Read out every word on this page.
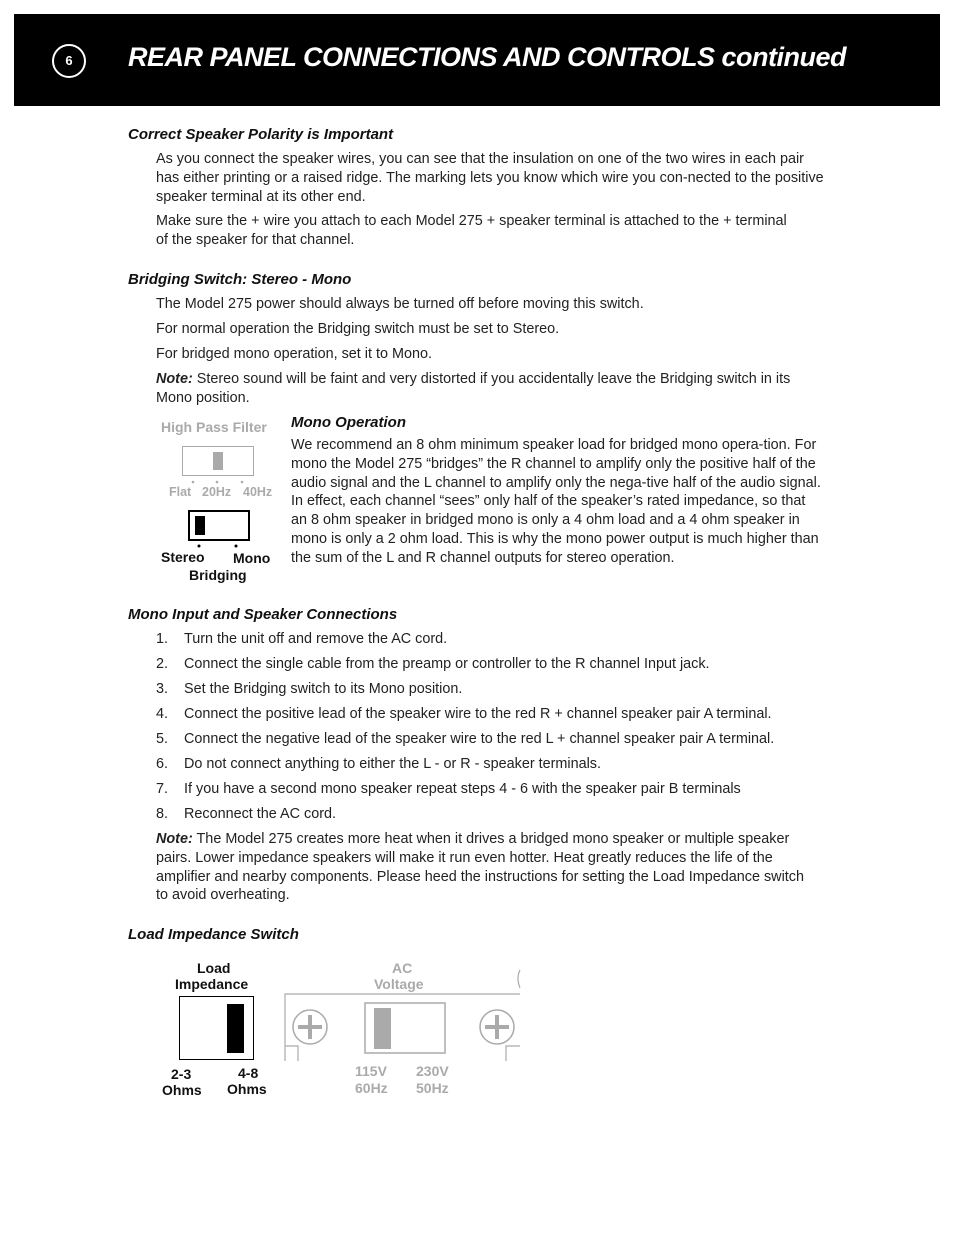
6	REAR PANEL CONNECTIONS AND CONTROLS continued
Correct Speaker Polarity is Important

As you connect the speaker wires, you can see that the insulation on one of the two wires in each pair has either printing or a raised ridge. The marking lets you know which wire you con-nected to the positive speaker terminal at its other end.

Make sure the + wire you attach to each Model 275 + speaker terminal is attached to the + terminal of the speaker for that channel.

Bridging Switch: Stereo - Mono

The Model 275 power should always be turned off before moving this switch.

For normal operation the Bridging switch must be set to Stereo.

For bridged mono operation, set it to Mono.

Note: Stereo sound will be faint and very distorted if you accidentally leave the Bridging switch in its Mono position.

High Pass Filter
Flat 20Hz 40Hz
Stereo Mono
Bridging
Mono Operation

We recommend an 8 ohm minimum speaker load for bridged mono opera-tion. For mono the Model 275 “bridges” the R channel to amplify only the positive half of the audio signal and the L channel to amplify only the nega-tive half of the audio signal. In effect, each channel “sees” only half of the speaker’s rated impedance, so that an 8 ohm speaker in bridged mono is only a 4 ohm load and a 4 ohm speaker in mono is only a 2 ohm load. This is why the mono power output is much higher than the sum of the L and R channel outputs for stereo operation.

Mono Input and Speaker Connections
1. Turn the unit off and remove the AC cord.
2. Connect the single cable from the preamp or controller to the R channel Input jack.
3. Set the Bridging switch to its Mono position.
4. Connect the positive lead of the speaker wire to the red R + channel speaker pair A terminal.
5. Connect the negative lead of the speaker wire to the red L + channel speaker pair A terminal.
6. Do not connect anything to either the L - or R - speaker terminals.
7. If you have a second mono speaker repeat steps 4 - 6 with the speaker pair B terminals
8. Reconnect the AC cord.

Note: The Model 275 creates more heat when it drives a bridged mono speaker or multiple speaker pairs. Lower impedance speakers will make it run even hotter. Heat greatly reduces the life of the amplifier and nearby components. Please heed the instructions for setting the Load Impedance switch to avoid overheating.

Load Impedance Switch
Load
Impedance
2-3
Ohms
4-8
Ohms
AC
Voltage
115V
60Hz
230V
50Hz
